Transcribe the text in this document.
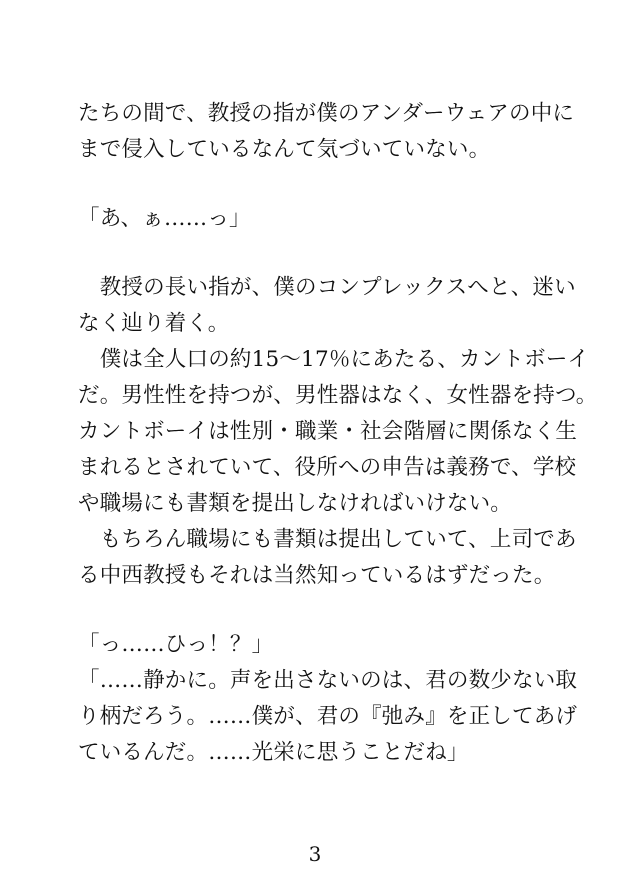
たちの間で、教授の指が僕のアンダーウェアの中に
まで侵入しているなんて気づいていない。
「あ、ぁ……っ」
　教授の長い指が、僕のコンプレックスへと、迷い
なく辿り着く。
　僕は全人口の約15〜17％にあたる、カントボーイ
だ。男性性を持つが、男性器はなく、女性器を持つ。
カントボーイは性別・職業・社会階層に関係なく生
まれるとされていて、役所への申告は義務で、学校
や職場にも書類を提出しなければいけない。
　もちろん職場にも書類は提出していて、上司であ
る中西教授もそれは当然知っているはずだった。
「っ……ひっ！？」
「……静かに。声を出さないのは、君の数少ない取
り柄だろう。……僕が、君の『弛み』を正してあげ
ているんだ。……光栄に思うことだね」
3
